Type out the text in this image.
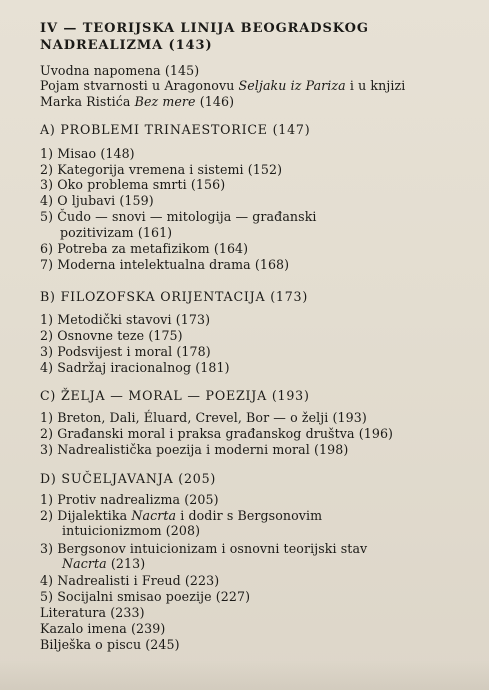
IV — TEORIJSKA LINIJA BEOGRADSKOG
NADREALIZMA (143)
Uvodna napomena (145)
Pojam stvarnosti u Aragonovu Seljaku iz Pariza i u knjizi
Marka Ristića Bez mere (146)
A) PROBLEMI TRINAESTORICE (147)
1) Misao (148)
2) Kategorija vremena i sistemi (152)
3) Oko problema smrti (156)
4) O ljubavi (159)
5) Čudo — snovi — mitologija — građanski
pozitivizam (161)
6) Potreba za metafizikom (164)
7) Moderna intelektualna drama (168)
B) FILOZOFSKA ORIJENTACIJA (173)
1) Metodički stavovi (173)
2) Osnovne teze (175)
3) Podsvijest i moral (178)
4) Sadržaj iracionalnog (181)
C) ŽELJA — MORAL — POEZIJA (193)
1) Breton, Dali, Éluard, Crevel, Bor — o želji (193)
2) Građanski moral i praksa građanskog društva (196)
3) Nadrealistička poezija i moderni moral (198)
D) SUČELJAVANJA (205)
1) Protiv nadrealizma (205)
2) Dijalektika Nacrta i dodir s Bergsonovim
intuicionizmom (208)
3) Bergsonov intuicionizam i osnovni teorijski stav
Nacrta (213)
4) Nadrealisti i Freud (223)
5) Socijalni smisao poezije (227)
Literatura (233)
Kazalo imena (239)
Bilješka o piscu (245)
